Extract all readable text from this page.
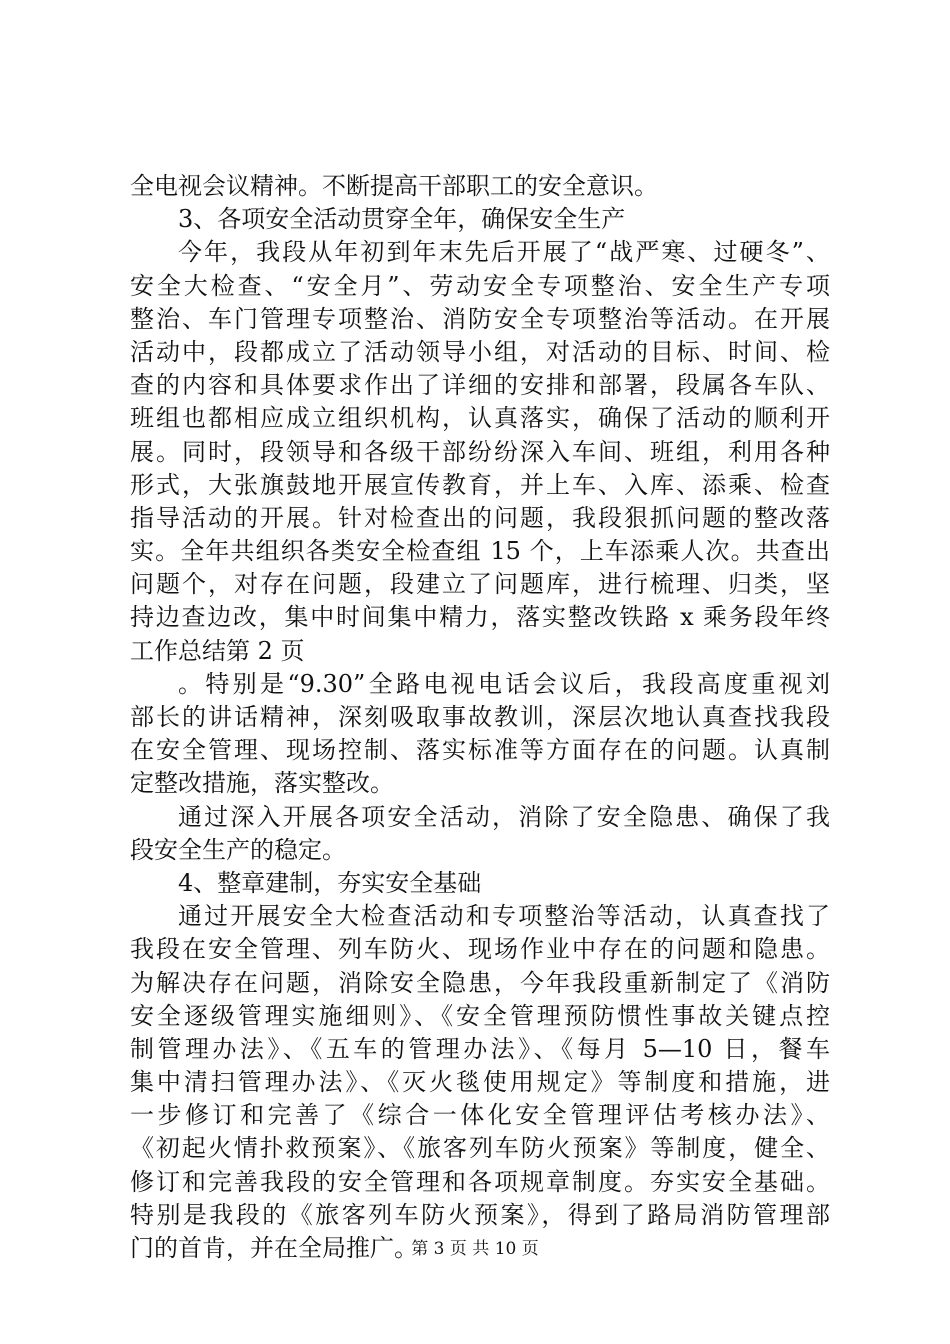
全电视会议精神。不断提高干部职工的安全意识。
3、各项安全活动贯穿全年，确保安全生产
今年，我段从年初到年末先后开展了“战严寒、过硬冬”、
安全大检查、“安全月”、劳动安全专项整治、安全生产专项
整治、车门管理专项整治、消防安全专项整治等活动。在开展
活动中，段都成立了活动领导小组，对活动的目标、时间、检
查的内容和具体要求作出了详细的安排和部署，段属各车队、
班组也都相应成立组织机构，认真落实，确保了活动的顺利开
展。同时，段领导和各级干部纷纷深入车间、班组，利用各种
形式，大张旗鼓地开展宣传教育，并上车、入库、添乘、检查
指导活动的开展。针对检查出的问题，我段狠抓问题的整改落
实。全年共组织各类安全检查组 15 个，上车添乘人次。共查出
问题个，对存在问题，段建立了问题库，进行梳理、归类，坚
持边查边改，集中时间集中精力，落实整改铁路 x 乘务段年终
工作总结第 2 页
。特别是“9.30”全路电视电话会议后，我段高度重视刘
部长的讲话精神，深刻吸取事故教训，深层次地认真查找我段
在安全管理、现场控制、落实标准等方面存在的问题。认真制
定整改措施，落实整改。
通过深入开展各项安全活动，消除了安全隐患、确保了我
段安全生产的稳定。
4、整章建制，夯实安全基础
通过开展安全大检查活动和专项整治等活动，认真查找了
我段在安全管理、列车防火、现场作业中存在的问题和隐患。
为解决存在问题，消除安全隐患，今年我段重新制定了《消防
安全逐级管理实施细则》、《安全管理预防惯性事故关键点控
制管理办法》、《五车的管理办法》、《每月 5—10 日，餐车
集中清扫管理办法》、《灭火毯使用规定》等制度和措施，进
一步修订和完善了《综合一体化安全管理评估考核办法》、
《初起火情扑救预案》、《旅客列车防火预案》等制度，健全、
修订和完善我段的安全管理和各项规章制度。夯实安全基础。
特别是我段的《旅客列车防火预案》，得到了路局消防管理部
门的首肯，并在全局推广。
第 3 页 共 10 页
